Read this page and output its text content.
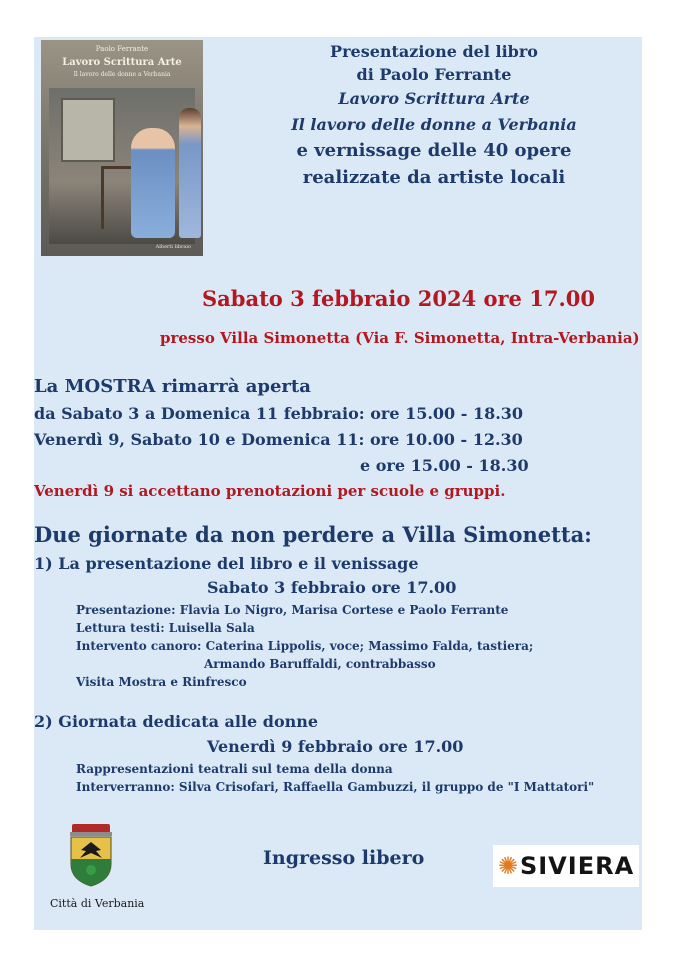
Paolo Ferrante
Lavoro Scrittura Arte
Il lavoro delle donne a Verbania
Alberti libraio
Presentazione del libro
di Paolo Ferrante
Lavoro Scrittura Arte
Il lavoro delle donne a Verbania
e vernissage delle 40 opere
realizzate da artiste locali
Sabato 3 febbraio 2024 ore 17.00
presso Villa Simonetta (Via F. Simonetta, Intra-Verbania)
La MOSTRA rimarrà aperta
da Sabato 3 a Domenica 11 febbraio: ore 15.00 - 18.30
Venerdì 9, Sabato 10 e Domenica 11: ore 10.00 - 12.30
e ore 15.00 - 18.30
Venerdì 9 si accettano prenotazioni per scuole e gruppi.
Due giornate da non perdere a Villa Simonetta:
1) La presentazione del libro e il venissage
Sabato 3 febbraio ore 17.00
Presentazione: Flavia Lo Nigro, Marisa Cortese e Paolo Ferrante
Lettura testi: Luisella Sala
Intervento canoro: Caterina Lippolis, voce; Massimo Falda, tastiera;
Armando Baruffaldi, contrabbasso
Visita Mostra e Rinfresco
2) Giornata dedicata alle donne
Venerdì 9 febbraio ore 17.00
Rappresentazioni teatrali sul tema della donna
Interverranno: Silva Crisofari, Raffaella Gambuzzi, il gruppo de "I Mattatori"
Città di Verbania
Ingresso libero	✺ SIVIERA
